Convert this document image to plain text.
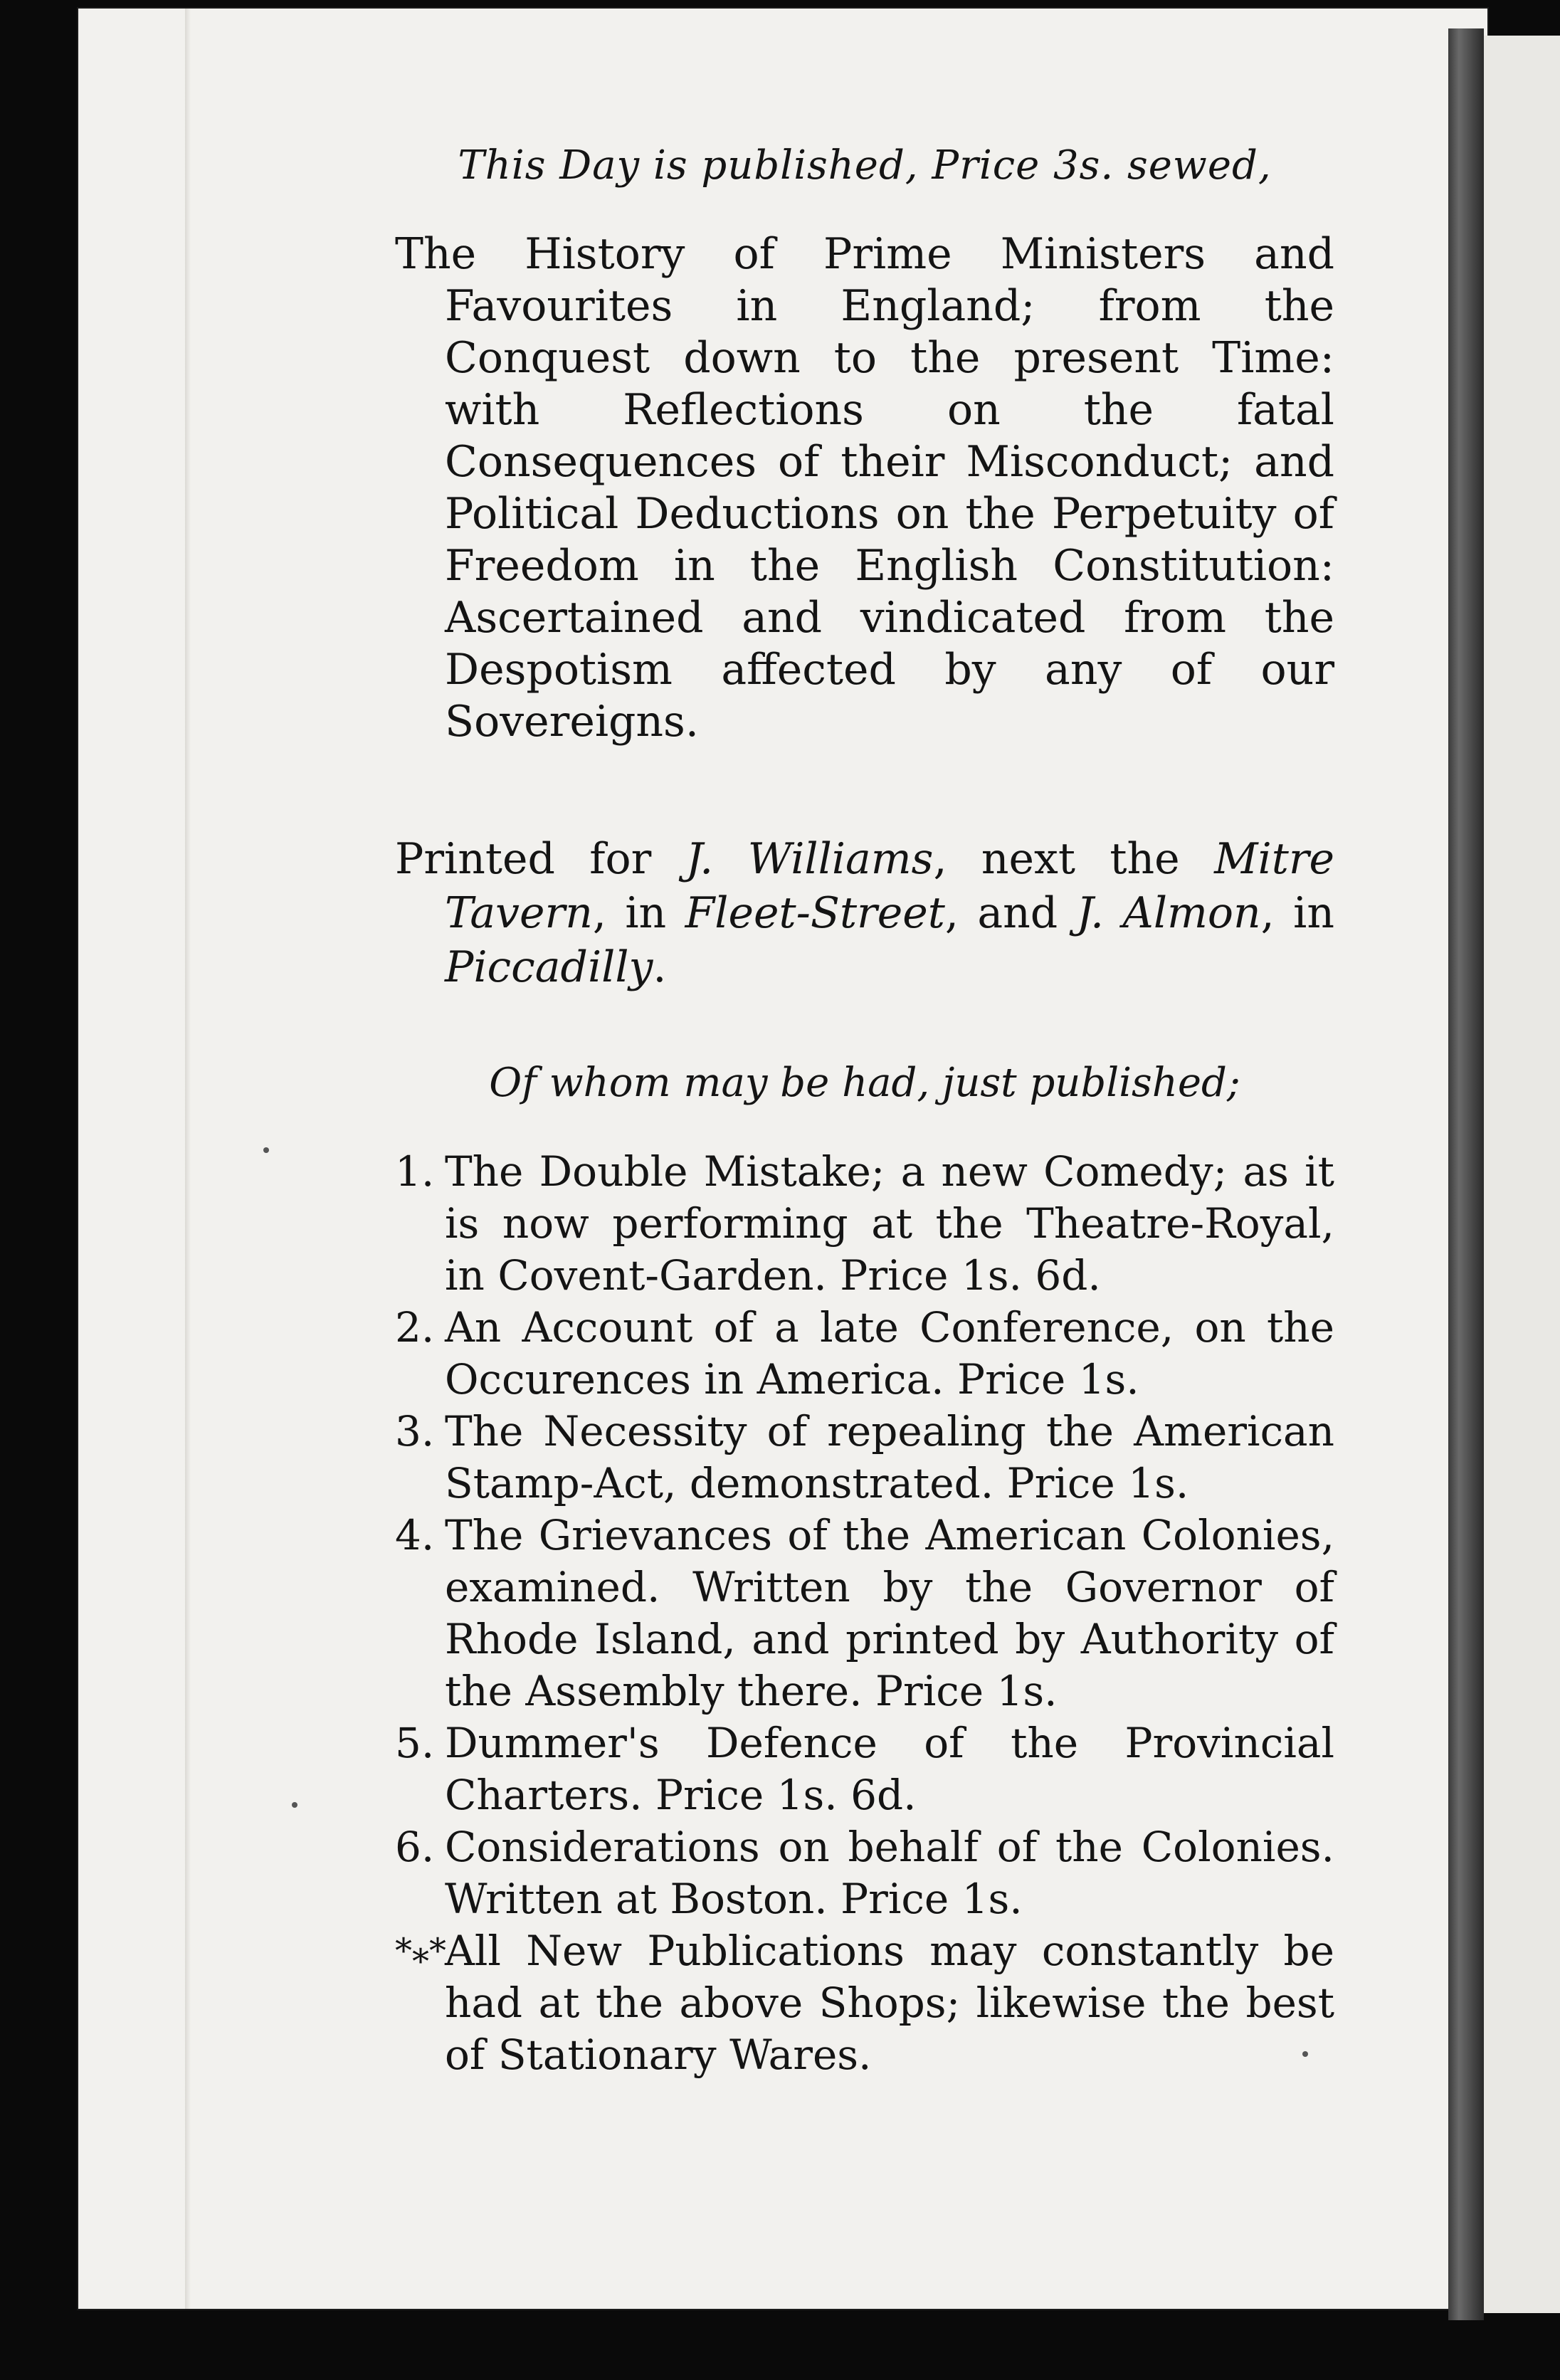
This Day is published, Price 3s. sewed,

The History of Prime Ministers and Favourites in England; from the Conquest down to the present Time: with Reflections on the fatal Consequences of their Misconduct; and Political Deductions on the Perpetuity of Freedom in the English Constitution: Ascertained and vindicated from the Despotism affected by any of our Sovereigns.

Printed for J. Williams, next the Mitre Tavern, in Fleet-Street, and J. Almon, in Piccadilly.

Of whom may be had, just published;

1. The Double Mistake; a new Comedy; as it is now performing at the Theatre-Royal, in Covent-Garden. Price 1s. 6d.
2. An Account of a late Conference, on the Occurences in America. Price 1s.
3. The Necessity of repealing the American Stamp-Act, demonstrated. Price 1s.
4. The Grievances of the American Colonies, examined. Written by the Governor of Rhode Island, and printed by Authority of the Assembly there. Price 1s.
5. Dummer's Defence of the Provincial Charters. Price 1s. 6d.
6. Considerations on behalf of the Colonies. Written at Boston. Price 1s.

*⁎*
All New Publications may constantly be had at the above Shops; likewise the best of Stationary Wares.
